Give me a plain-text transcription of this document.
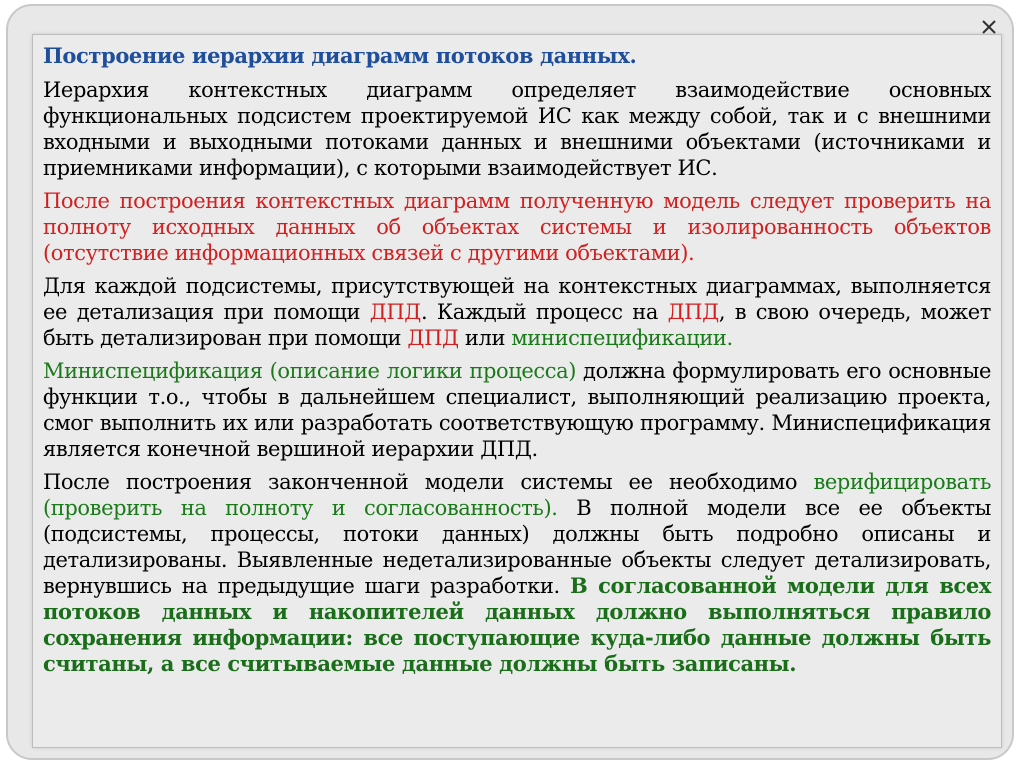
Построение иерархии диаграмм потоков данных.

Иерархия контекстных диаграмм определяет взаимодействие основных функциональных подсистем проектируемой ИС как между собой, так и с внешними входными и выходными потоками данных и внешними объектами (источниками и приемниками информации), с которыми взаимодействует ИС.

После построения контекстных диаграмм полученную модель следует проверить на полноту исходных данных об объектах системы и изолированность объектов (отсутствие информационных связей с другими объектами).

Для каждой подсистемы, присутствующей на контекстных диаграммах, выполняется ее детализация при помощи ДПД. Каждый процесс на ДПД, в свою очередь, может быть детализирован при помощи ДПД или миниспецификации.

Миниспецификация (описание логики процесса) должна формулировать его основные функции т.о., чтобы в дальнейшем специалист, выполняющий реализацию проекта, смог выполнить их или разработать соответствующую программу. Миниспецификация является конечной вершиной иерархии ДПД.

После построения законченной модели системы ее необходимо верифицировать (проверить на полноту и согласованность). В полной модели все ее объекты (подсистемы, процессы, потоки данных) должны быть подробно описаны и детализированы. Выявленные недетализированные объекты следует детализировать, вернувшись на предыдущие шаги разработки. В согласованной модели для всех потоков данных и накопителей данных должно выполняться правило сохранения информации: все поступающие куда-либо данные должны быть считаны, а все считываемые данные должны быть записаны.
